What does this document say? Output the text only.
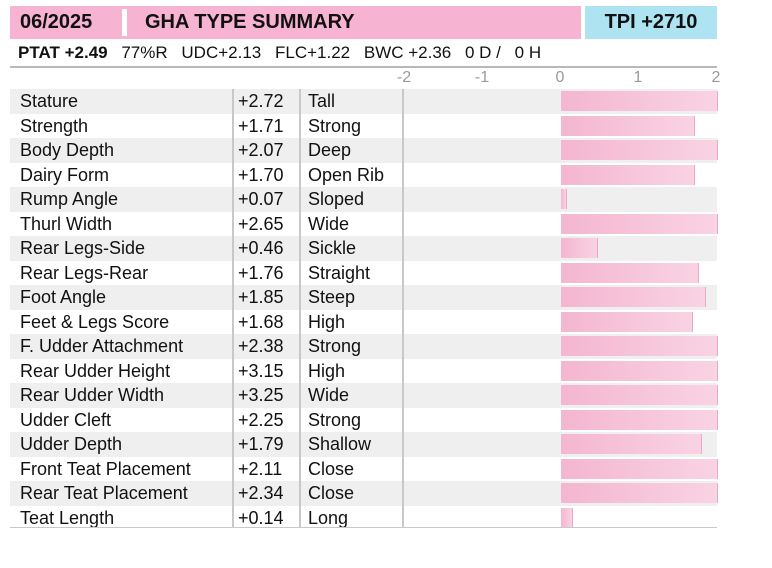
06/2025	GHA TYPE SUMMARY	TPI +2710
PTAT +2.49 77%R UDC+2.13 FLC+1.22 BWC +2.36 0 D / 0 H
-2	-1	0	1	2
Stature	+2.72 Tall
Strength	+1.71 Strong
Body Depth	+2.07 Deep
Dairy Form	+1.70 Open Rib
Rump Angle	+0.07 Sloped
Thurl Width	+2.65 Wide
Rear Legs-Side	+0.46 Sickle
Rear Legs-Rear	+1.76 Straight
Foot Angle	+1.85 Steep
Feet & Legs Score	+1.68 High
F. Udder Attachment	+2.38 Strong
Rear Udder Height	+3.15 High
Rear Udder Width	+3.25 Wide
Udder Cleft	+2.25 Strong
Udder Depth	+1.79 Shallow
Front Teat Placement	+2.11 Close
Rear Teat Placement	+2.34 Close
Teat Length	+0.14 Long
